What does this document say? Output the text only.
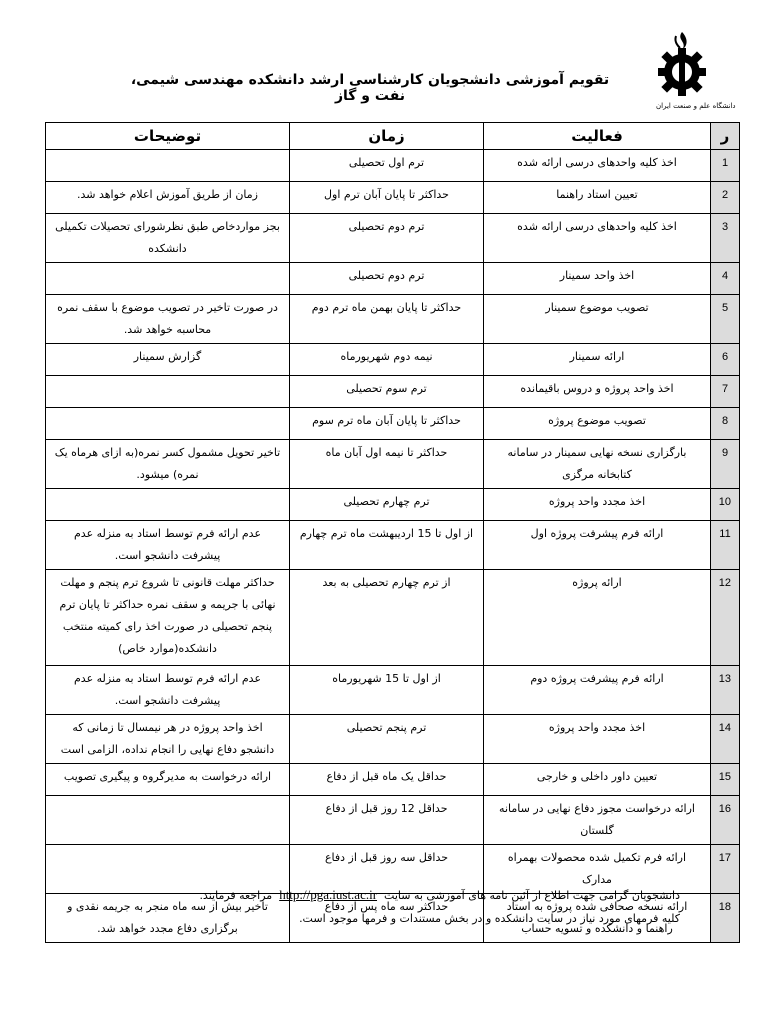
دانشگاه علم و صنعت ایران
تقویم آموزشی دانشجویان کارشناسی ارشد دانشکده مهندسی شیمی، نفت و گاز
ر	فعالیت	زمان	توضیحات
1	اخذ کلیه واحدهای درسی ارائه شده	ترم اول تحصیلی	
2	تعیین استاد راهنما	حداکثر تا پایان آبان ترم اول	زمان از طریق آموزش اعلام خواهد شد.
3	اخذ کلیه واحدهای درسی ارائه شده	ترم دوم تحصیلی	بجز مواردخاص طبق نظرشورای تحصیلات تکمیلی دانشکده
4	اخذ واحد سمینار	ترم دوم تحصیلی	
5	تصویب موضوع سمینار	حداکثر تا پایان بهمن ماه ترم دوم	در صورت تاخیر در تصویب موضوع با سقف نمره محاسبه خواهد شد.
6	ارائه سمینار	نیمه دوم شهریورماه	گزارش سمینار
7	اخذ واحد پروژه و دروس باقیمانده	ترم سوم تحصیلی	
8	تصویب موضوع پروژه	حداکثر تا پایان آبان ماه ترم سوم	
9	بارگزاری نسخه نهایی سمینار در سامانه کتابخانه مرگزی	حداکثر تا نیمه اول آبان ماه	تاخیر تحویل مشمول کسر نمره(به ازای هرماه یک نمره) میشود.
10	اخذ مجدد واحد پروژه	ترم چهارم تحصیلی	
11	ارائه فرم پیشرفت پروژه اول	از اول تا 15 اردیبهشت ماه ترم چهارم	عدم ارائه فرم توسط استاد به منزله عدم پیشرفت دانشجو است.
12	ارائه پروژه	از ترم چهارم تحصیلی به بعد	حداکثر مهلت قانونی تا شروع ترم پنجم و مهلت نهائی با جریمه و سقف نمره حداکثر تا پایان ترم پنجم تحصیلی در صورت اخذ رای کمیته منتخب دانشکده(موارد خاص)
13	ارائه فرم پیشرفت پروژه دوم	از اول تا 15 شهریورماه	عدم ارائه فرم توسط استاد به منزله عدم پیشرفت دانشجو است.
14	اخذ مجدد واحد پروژه	ترم پنجم تحصیلی	اخذ واحد پروژه در هر نیمسال تا زمانی که دانشجو دفاع نهایی را انجام نداده، الزامی است
15	تعیین داور داخلی و خارجی	حداقل یک ماه قبل از دفاع	ارائه درخواست به مدیرگروه و پیگیری تصویب
16	ارائه درخواست مجوز دفاع نهایی در سامانه گلستان	حداقل 12 روز قبل از دفاع	
17	ارائه فرم تکمیل شده محصولات بهمراه مدارک	حداقل سه روز قبل از دفاع	
18	ارائه نسخه صحافی شده پروژه به استاد راهنما و دانشکده و تسویه حساب	حداکثر سه ماه پس از دفاع	تاخیر بیش از سه ماه منجر به جریمه نقدی و برگزاری دفاع مجدد خواهد شد.
دانشجویان گرامی جهت اطلاع از آئین نامه های آموزشی به سایت  http://pga.iust.ac.ir  مراجعه فرمایند.
کلیه فرمهای مورد نیاز در سایت دانشکده و در بخش مستندات و فرمها موجود است.
